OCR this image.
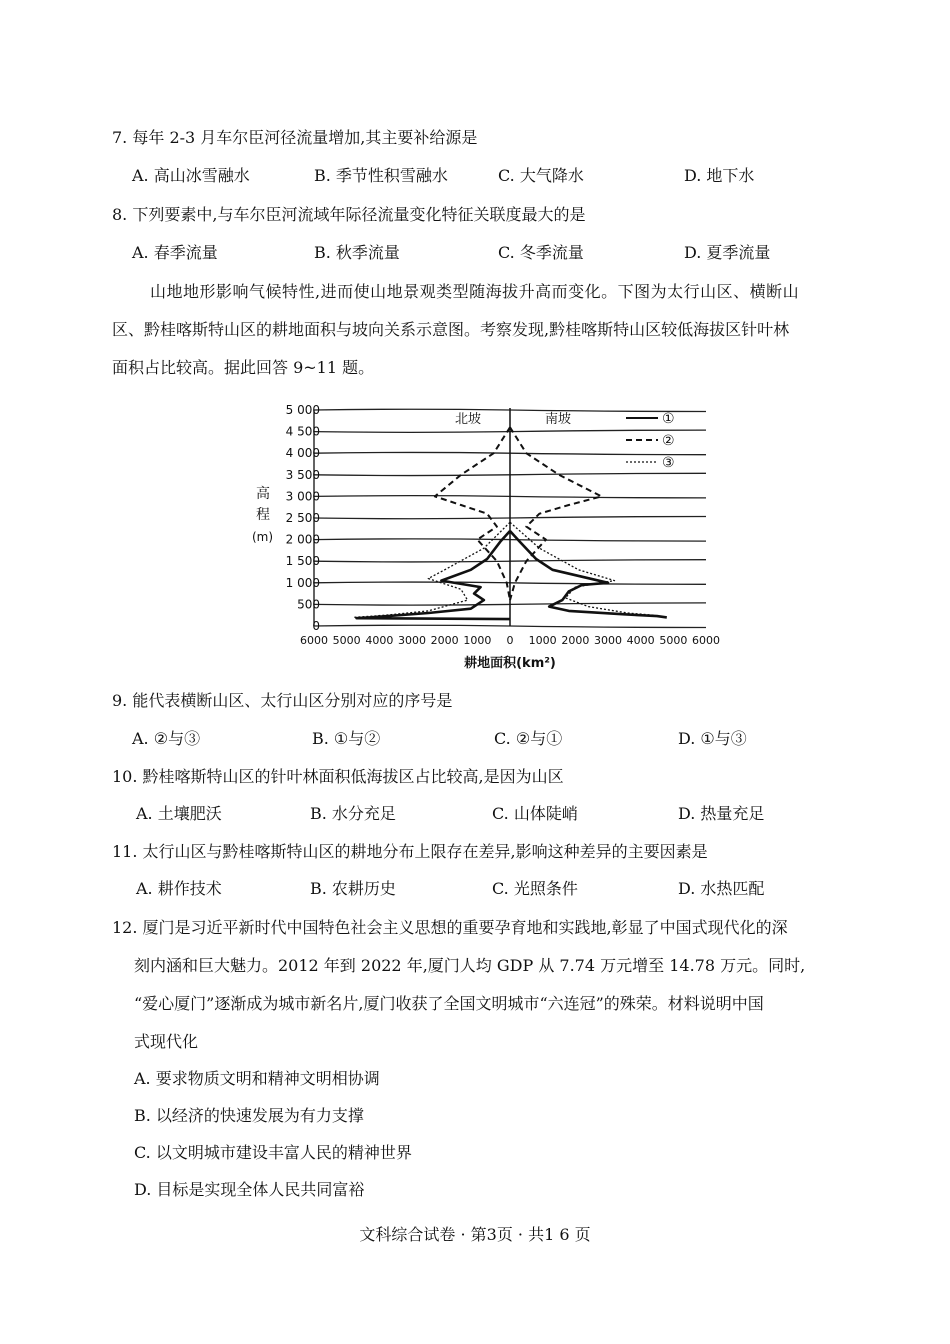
7. 每年 2-3 月车尔臣河径流量增加,其主要补给源是
A. 高山冰雪融水	B. 季节性积雪融水	C. 大气降水	D. 地下水
8. 下列要素中,与车尔臣河流域年际径流量变化特征关联度最大的是
A. 春季流量	B. 秋季流量	C. 冬季流量	D. 夏季流量
山地地形影响气候特性,进而使山地景观类型随海拔升高而变化。下图为太行山区、横断山
区、黔桂喀斯特山区的耕地面积与坡向关系示意图。考察发现,黔桂喀斯特山区较低海拔区针叶林
面积占比较高。据此回答 9~11 题。
5 000
4 500
4 000
3 500
3 000
2 500
2 000
1 500
1 000
500
0
6000 5000 4000 3000 2000 1000 0 1000 2000 3000 4000 5000 6000
北坡	南坡	①
②
③
高
程
(m)
耕地面积(km²)
9. 能代表横断山区、太行山区分别对应的序号是
A. ②与③	B. ①与②	C. ②与①	D. ①与③
10. 黔桂喀斯特山区的针叶林面积低海拔区占比较高,是因为山区
A. 土壤肥沃	B. 水分充足	C. 山体陡峭	D. 热量充足
11. 太行山区与黔桂喀斯特山区的耕地分布上限存在差异,影响这种差异的主要因素是
A. 耕作技术	B. 农耕历史	C. 光照条件	D. 水热匹配
12. 厦门是习近平新时代中国特色社会主义思想的重要孕育地和实践地,彰显了中国式现代化的深
刻内涵和巨大魅力。2012 年到 2022 年,厦门人均 GDP 从 7.74 万元增至 14.78 万元。同时,
“爱心厦门”逐渐成为城市新名片,厦门收获了全国文明城市“六连冠”的殊荣。材料说明中国
式现代化
A. 要求物质文明和精神文明相协调
B. 以经济的快速发展为有力支撑
C. 以文明城市建设丰富人民的精神世界
D. 目标是实现全体人民共同富裕
文科综合试卷 · 第3页 · 共1 6 页
